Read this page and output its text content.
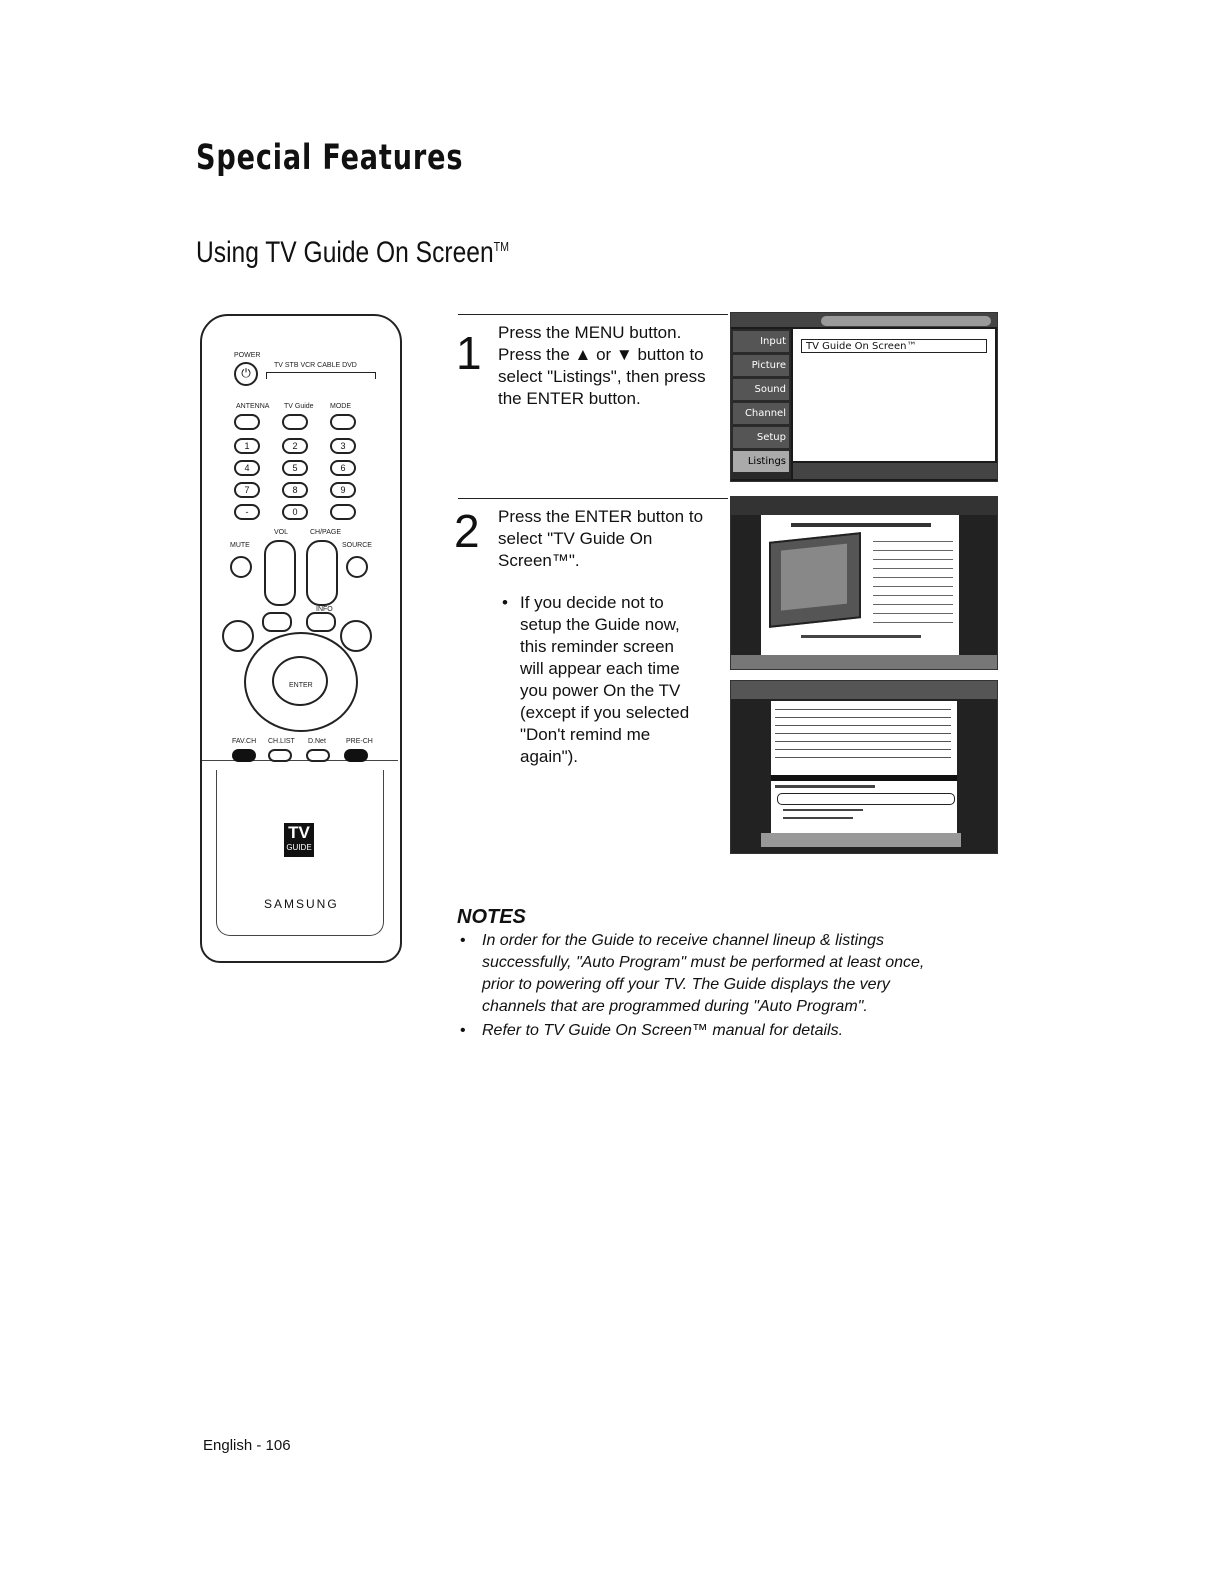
Special Features
Using TV Guide On Screen™
POWER
⏻
TV STB VCR CABLE DVD
ANTENNA TV Guide MODE
1	2	3
4	5	6
7	8	9
-	0
VOL	CH/PAGE
MUTE	SOURCE
INFO
ENTER
FAV.CH CH.LIST D.Net	PRE-CH
TV
GUIDE
SAMSUNG
1 Press the MENU button.

Press the ▲ or ▼ button to

select "Listings", then press

the ENTER button.

2 Press the ENTER button to

select "TV Guide On

Screen™".

• If you decide not to
setup the Guide now,
this reminder screen
will appear each time
you power On the TV
(except if you selected
"Don't remind me
again").
Input
Picture
Sound
Channel
Setup
Listings
TV Guide On Screen™
NOTES
• In order for the Guide to receive channel lineup & listings
successfully, "Auto Program" must be performed at least once,
prior to powering off your TV. The Guide displays the very
channels that are programmed during "Auto Program".
• Refer to TV Guide On Screen™ manual for details.
English - 106
